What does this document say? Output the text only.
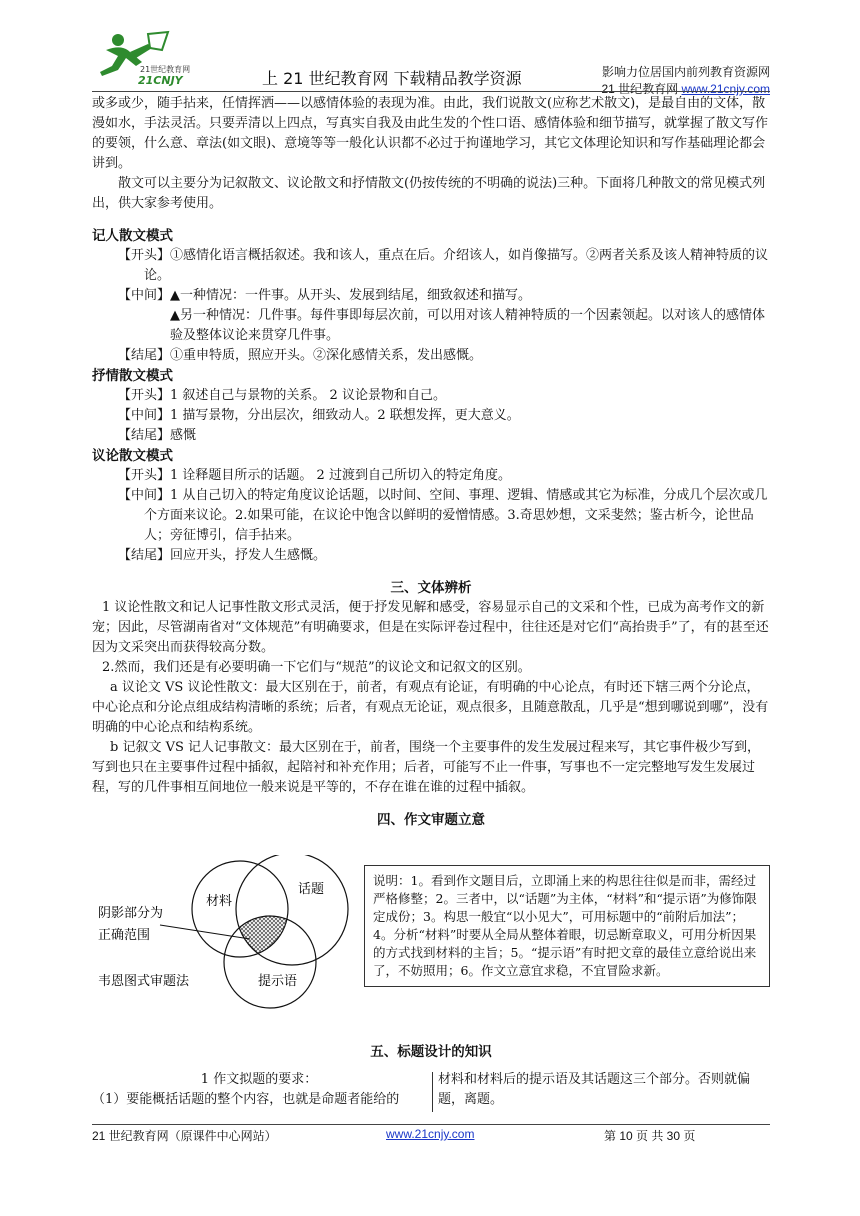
21世纪教育网
21CNJY	上 21 世纪教育网 下载精品教学资源	影响力位居国内前列教育资源网
21 世纪教育网 www.21cnjy.com

或多或少，随手拈来，任情挥洒——以感情体验的表现为准。由此，我们说散文(应称艺术散文)，是最自由的文体，散漫如水，手法灵活。只要弄清以上四点，写真实自我及由此生发的个性口语、感情体验和细节描写，就掌握了散文写作的要领，什么意、章法(如文眼)、意境等等一般化认识都不必过于拘谨地学习，其它文体理论知识和写作基础理论都会讲到。

散文可以主要分为记叙散文、议论散文和抒情散文(仍按传统的不明确的说法)三种。下面将几种散文的常见模式列出，供大家参考使用。

记人散文模式

【开头】①感情化语言概括叙述。我和该人，重点在后。介绍该人，如肖像描写。②两者关系及该人精神特质的议论。

【中间】▲一种情况：一件事。从开头、发展到结尾，细致叙述和描写。

▲另一种情况：几件事。每件事即每层次前，可以用对该人精神特质的一个因素领起。以对该人的感情体验及整体议论来贯穿几件事。

【结尾】①重申特质，照应开头。②深化感情关系，发出感慨。

抒情散文模式

【开头】1 叙述自己与景物的关系。 2 议论景物和自己。

【中间】1 描写景物，分出层次，细致动人。2 联想发挥，更大意义。

【结尾】感慨

议论散文模式

【开头】1 诠释题目所示的话题。 2 过渡到自己所切入的特定角度。

【中间】1 从自己切入的特定角度议论话题，以时间、空间、事理、逻辑、情感或其它为标准，分成几个层次或几个方面来议论。2.如果可能，在议论中饱含以鲜明的爱憎情感。3.奇思妙想，文采斐然；鉴古析今，论世品人；旁征博引，信手拈来。

【结尾】回应开头，抒发人生感慨。

三、文体辨析

1 议论性散文和记人记事性散文形式灵活，便于抒发见解和感受，容易显示自己的文采和个性，已成为高考作文的新宠；因此，尽管湖南省对“文体规范”有明确要求，但是在实际评卷过程中，往往还是对它们“高抬贵手”了，有的甚至还因为文采突出而获得较高分数。

2.然而，我们还是有必要明确一下它们与“规范”的议论文和记叙文的区别。

a 议论文 VS 议论性散文：最大区别在于，前者，有观点有论证，有明确的中心论点，有时还下辖三两个分论点，中心论点和分论点组成结构清晰的系统；后者，有观点无论证，观点很多，且随意散乱，几乎是“想到哪说到哪”，没有明确的中心论点和结构系统。

b 记叙文 VS 记人记事散文：最大区别在于，前者，围绕一个主要事件的发生发展过程来写，其它事件极少写到，写到也只在主要事件过程中插叙，起陪衬和补充作用；后者，可能写不止一件事，写事也不一定完整地写发生发展过程，写的几件事相互间地位一般来说是平等的，不存在谁在谁的过程中插叙。

四、作文审题立意

材料
话题
提示语
阴影部分为
正确范围
韦恩图式审题法
说明：1。看到作文题目后，立即涌上来的构思往往似是而非，需经过严格修整；2。三者中，以“话题”为主体，“材料”和“提示语”为修饰限定成份；3。构思一般宜“以小见大”，可用标题中的“前附后加法”；4。分析“材料”时要从全局从整体着眼，切忌断章取义，可用分析因果的方式找到材料的主旨；5。“提示语”有时把文章的最佳立意给说出来了，不妨照用；6。作文立意宜求稳，不宜冒险求新。
五、标题设计的知识
1 作文拟题的要求：
（1）要能概括话题的整个内容，也就是命题者能给的
材料和材料后的提示语及其话题这三个部分。否则就偏题，离题。
21 世纪教育网（原课件中心网站）	www.21cnjy.com	第 10 页 共 30 页
